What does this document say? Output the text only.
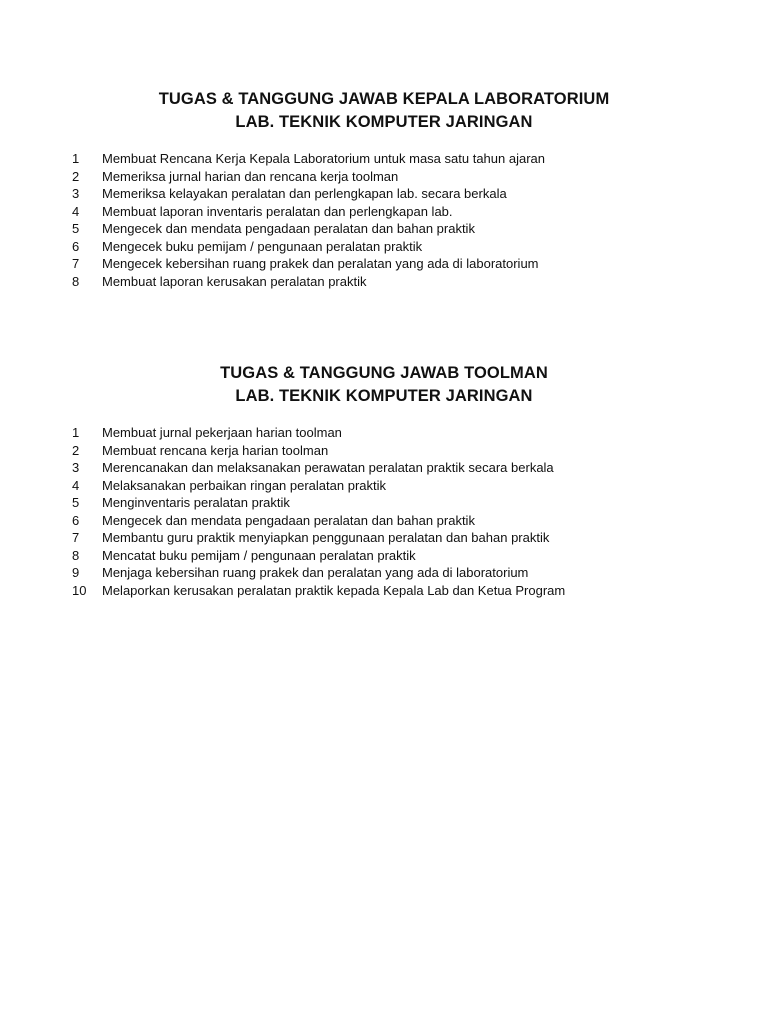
TUGAS & TANGGUNG JAWAB KEPALA LABORATORIUM
LAB. TEKNIK KOMPUTER JARINGAN
1	Membuat Rencana Kerja Kepala Laboratorium untuk masa satu tahun ajaran
2	Memeriksa jurnal harian dan rencana kerja toolman
3	Memeriksa kelayakan peralatan dan perlengkapan lab. secara berkala
4	Membuat laporan inventaris peralatan dan perlengkapan lab.
5	Mengecek dan mendata pengadaan peralatan dan bahan praktik
6	Mengecek buku pemijam / pengunaan peralatan praktik
7	Mengecek kebersihan ruang prakek dan peralatan yang ada di laboratorium
8	Membuat laporan kerusakan peralatan praktik
TUGAS & TANGGUNG JAWAB TOOLMAN
LAB. TEKNIK KOMPUTER JARINGAN
1	Membuat jurnal pekerjaan harian toolman
2	Membuat rencana kerja harian toolman
3	Merencanakan dan melaksanakan perawatan peralatan praktik secara berkala
4	Melaksanakan perbaikan ringan peralatan praktik
5	Menginventaris peralatan praktik
6	Mengecek dan mendata pengadaan peralatan dan bahan praktik
7	Membantu guru praktik menyiapkan penggunaan peralatan dan bahan praktik
8	Mencatat buku pemijam / pengunaan peralatan praktik
9	Menjaga kebersihan ruang prakek dan peralatan yang ada di laboratorium
10	Melaporkan kerusakan peralatan praktik kepada Kepala Lab dan Ketua Program
